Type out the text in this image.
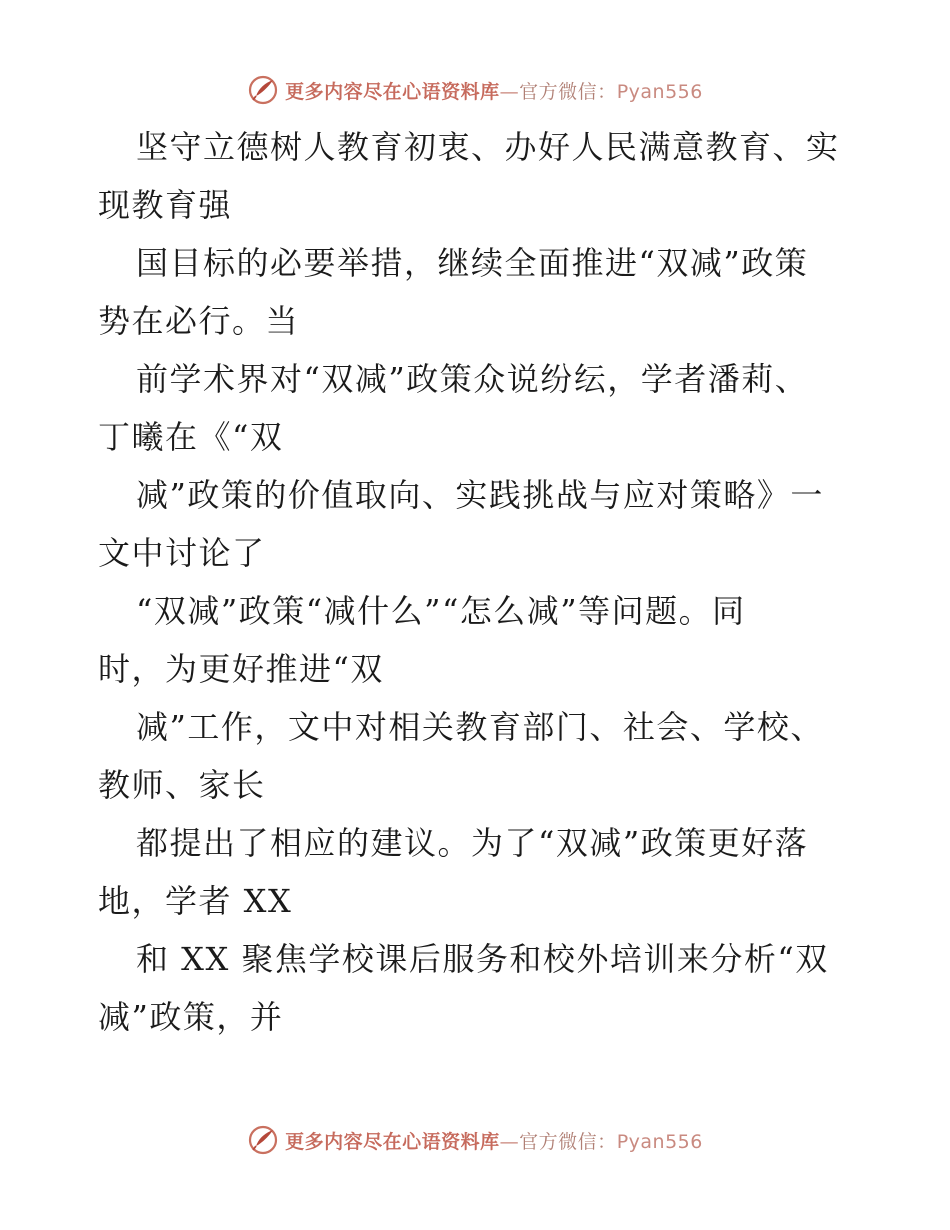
更多内容尽在心语资料库—官方微信：Pyan556
坚守立德树人教育初衷、办好人民满意教育、实
现教育强
国目标的必要举措，继续全面推进“双减”政策
势在必行。当
前学术界对“双减”政策众说纷纭，学者潘莉、
丁曦在《“双
减”政策的价值取向、实践挑战与应对策略》一
文中讨论了
“双减”政策“减什么”“怎么减”等问题。同
时，为更好推进“双
减”工作，文中对相关教育部门、社会、学校、
教师、家长
都提出了相应的建议。为了“双减”政策更好落
地，学者 XX
和 XX 聚焦学校课后服务和校外培训来分析“双
减”政策，并
更多内容尽在心语资料库—官方微信：Pyan556
